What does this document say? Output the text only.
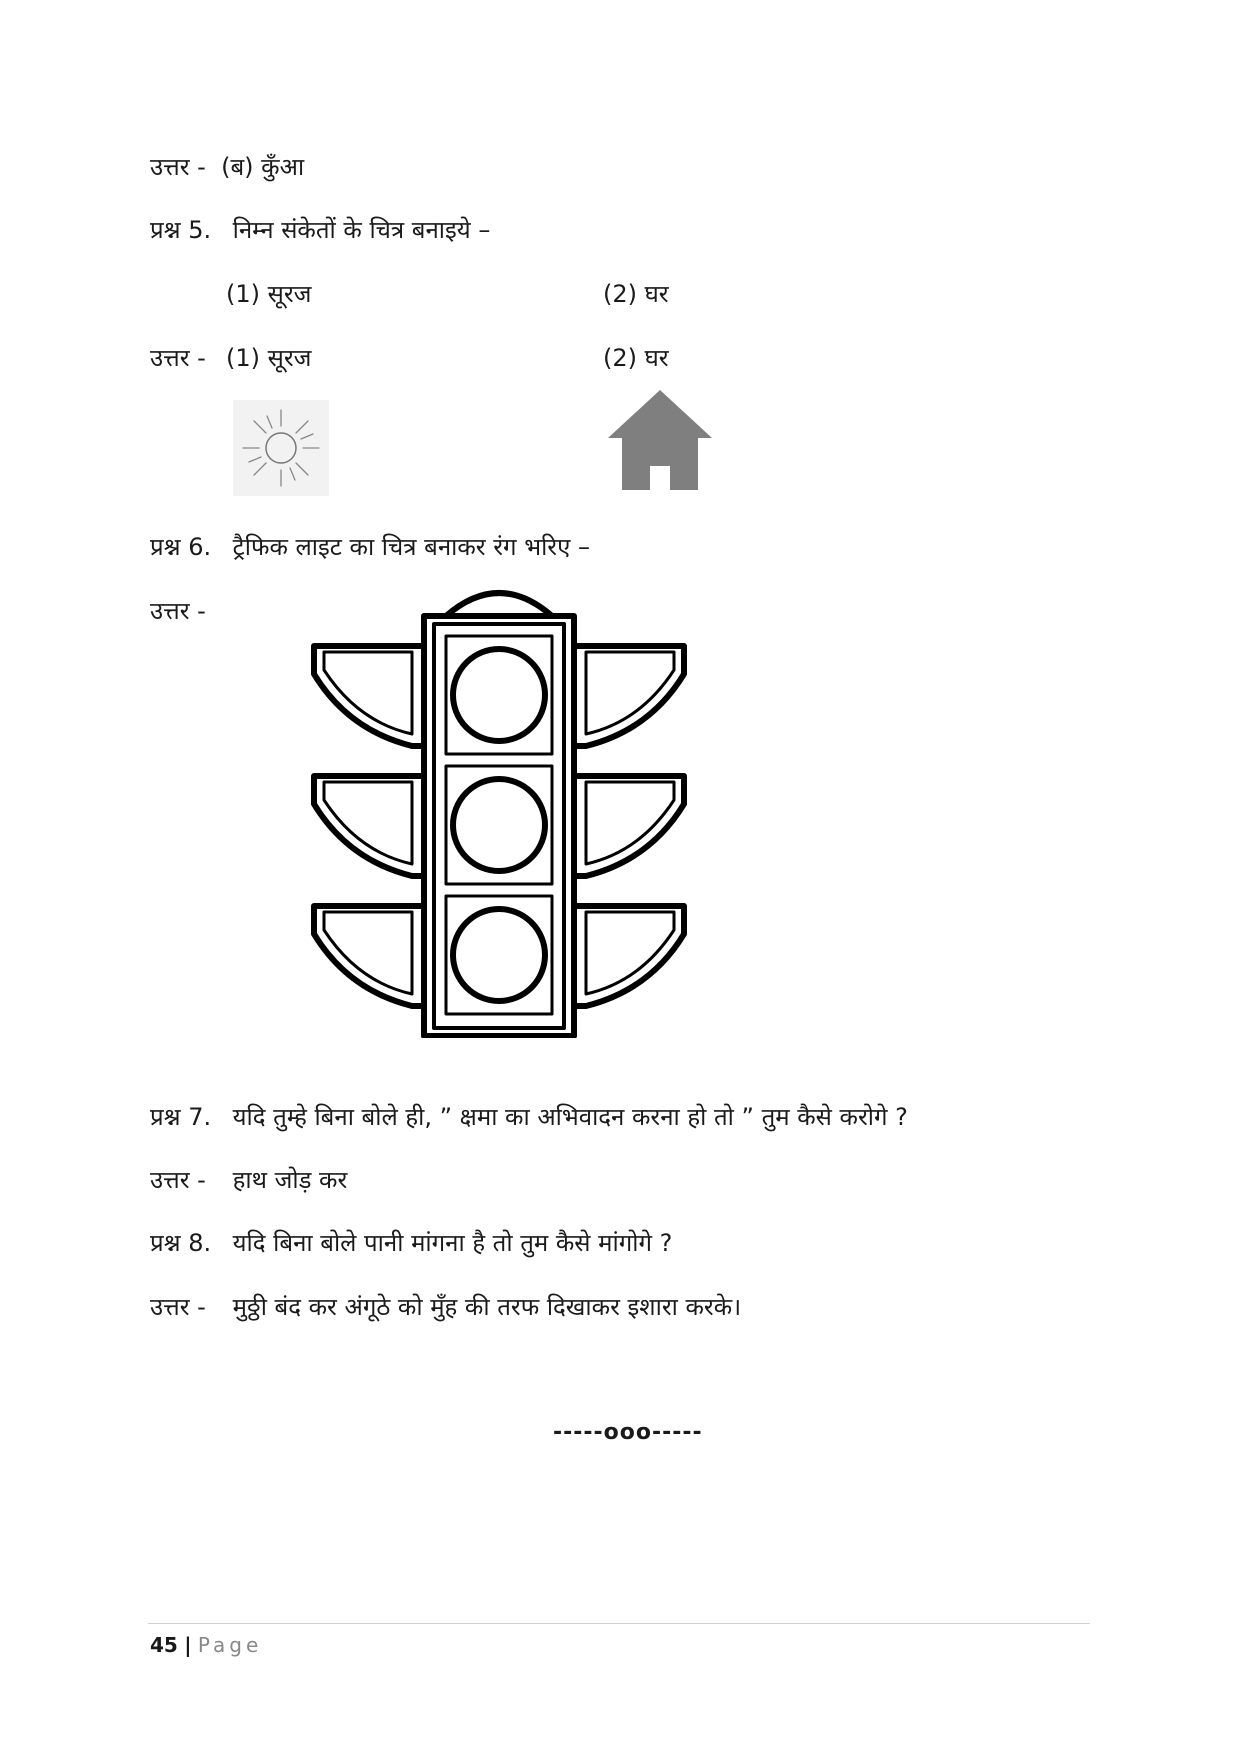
उत्तर - (ब) कुँआ
प्रश्न 5. निम्न संकेतों के चित्र बनाइये –
(1) सूरज	(2) घर
उत्तर - (1) सूरज	(2) घर
प्रश्न 6. ट्रैफिक लाइट का चित्र बनाकर रंग भरिए –
उत्तर -
प्रश्न 7. यदि तुम्हे बिना बोले ही, ” क्षमा का अभिवादन करना हो तो ” तुम कैसे करोगे ?
उत्तर - हाथ जोड़ कर
प्रश्न 8. यदि बिना बोले पानी मांगना है तो तुम कैसे मांगोगे ?
उत्तर - मुठ्ठी बंद कर अंगूठे को मुँह की तरफ दिखाकर इशारा करके।
-----ooo-----
45 | Page
